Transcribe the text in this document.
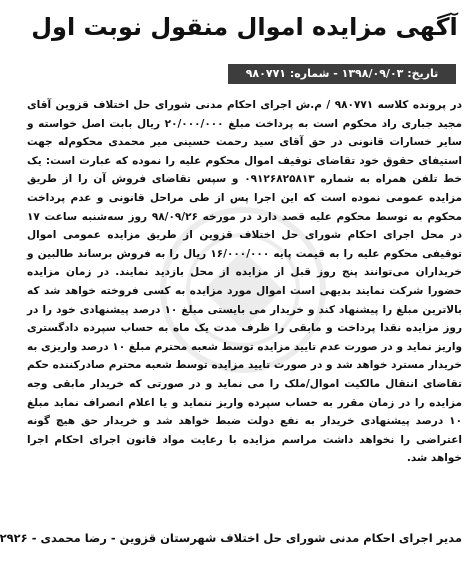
آگهی مزایده اموال منقول نوبت اول
تاریخ: ۱۳۹۸/۰۹/۰۳ - شماره: ۹۸۰۷۷۱
در پرونده کلاسه ۹۸۰۷۷۱ / م.ش اجرای احکام مدنی شورای حل اختلاف قزوین آقای مجید جباری راد محکوم است به پرداخت مبلغ ۲۰/۰۰۰/۰۰۰ ریال بابت اصل خواسته و سایر خسارات قانونی در حق آقای سید رحمت حسینی میر محمدی محکوم‌له جهت استیفای حقوق خود تقاضای توقیف اموال محکوم علیه را نموده که عبارت است: یک خط تلفن همراه به شماره ۰۹۱۲۶۸۲۵۸۱۳ و سپس تقاضای فروش آن را از طریق مزایده عمومی نموده است که این اجرا پس از طی مراحل قانونی و عدم پرداخت محکوم به توسط محکوم علیه قصد دارد در مورخه ۹۸/۰۹/۲۶ روز سه‌شنبه ساعت ۱۷ در محل اجرای احکام شورای حل اختلاف قزوین از طریق مزایده عمومی اموال توقیفی محکوم علیه را به قیمت پایه ۱۶/۰۰۰/۰۰۰ ریال را به فروش برساند طالبین و خریداران می‌توانند پنج روز قبل از مزایده از محل بازدید نمایند. در زمان مزایده حضورا شرکت نمایند بدیهی است اموال مورد مزایده به کسی فروخته خواهد شد که بالاترین مبلغ را پیشنهاد کند و خریدار می بایستی مبلغ ۱۰ درصد پیشنهادی خود را در روز مزایده نقدا پرداخت و مابقی را ظرف مدت یک ماه به حساب سپرده دادگستری واریز نماید و در صورت عدم تایید مزایده توسط شعبه محترم مبلغ ۱۰ درصد واریزی به خریدار مسترد خواهد شد و در صورت تایید مزایده توسط شعبه محترم صادرکننده حکم تقاضای انتقال مالکیت اموال/ملک را می نماید و در صورتی که خریدار مابقی وجه مزایده را در زمان مقرر به حساب سپرده واریز ننماید و یا اعلام انصراف نماید مبلغ ۱۰ درصد پیشنهادی خریدار به نفع دولت ضبط خواهد شد و خریدار حق هیچ گونه اعتراضی را نخواهد داشت مراسم مزایده با رعایت مواد قانون اجرای احکام اجرا خواهد شد.
مدیر اجرای احکام مدنی شورای حل اختلاف شهرستان قزوین - رضا محمدی - ۲۹۲۶
